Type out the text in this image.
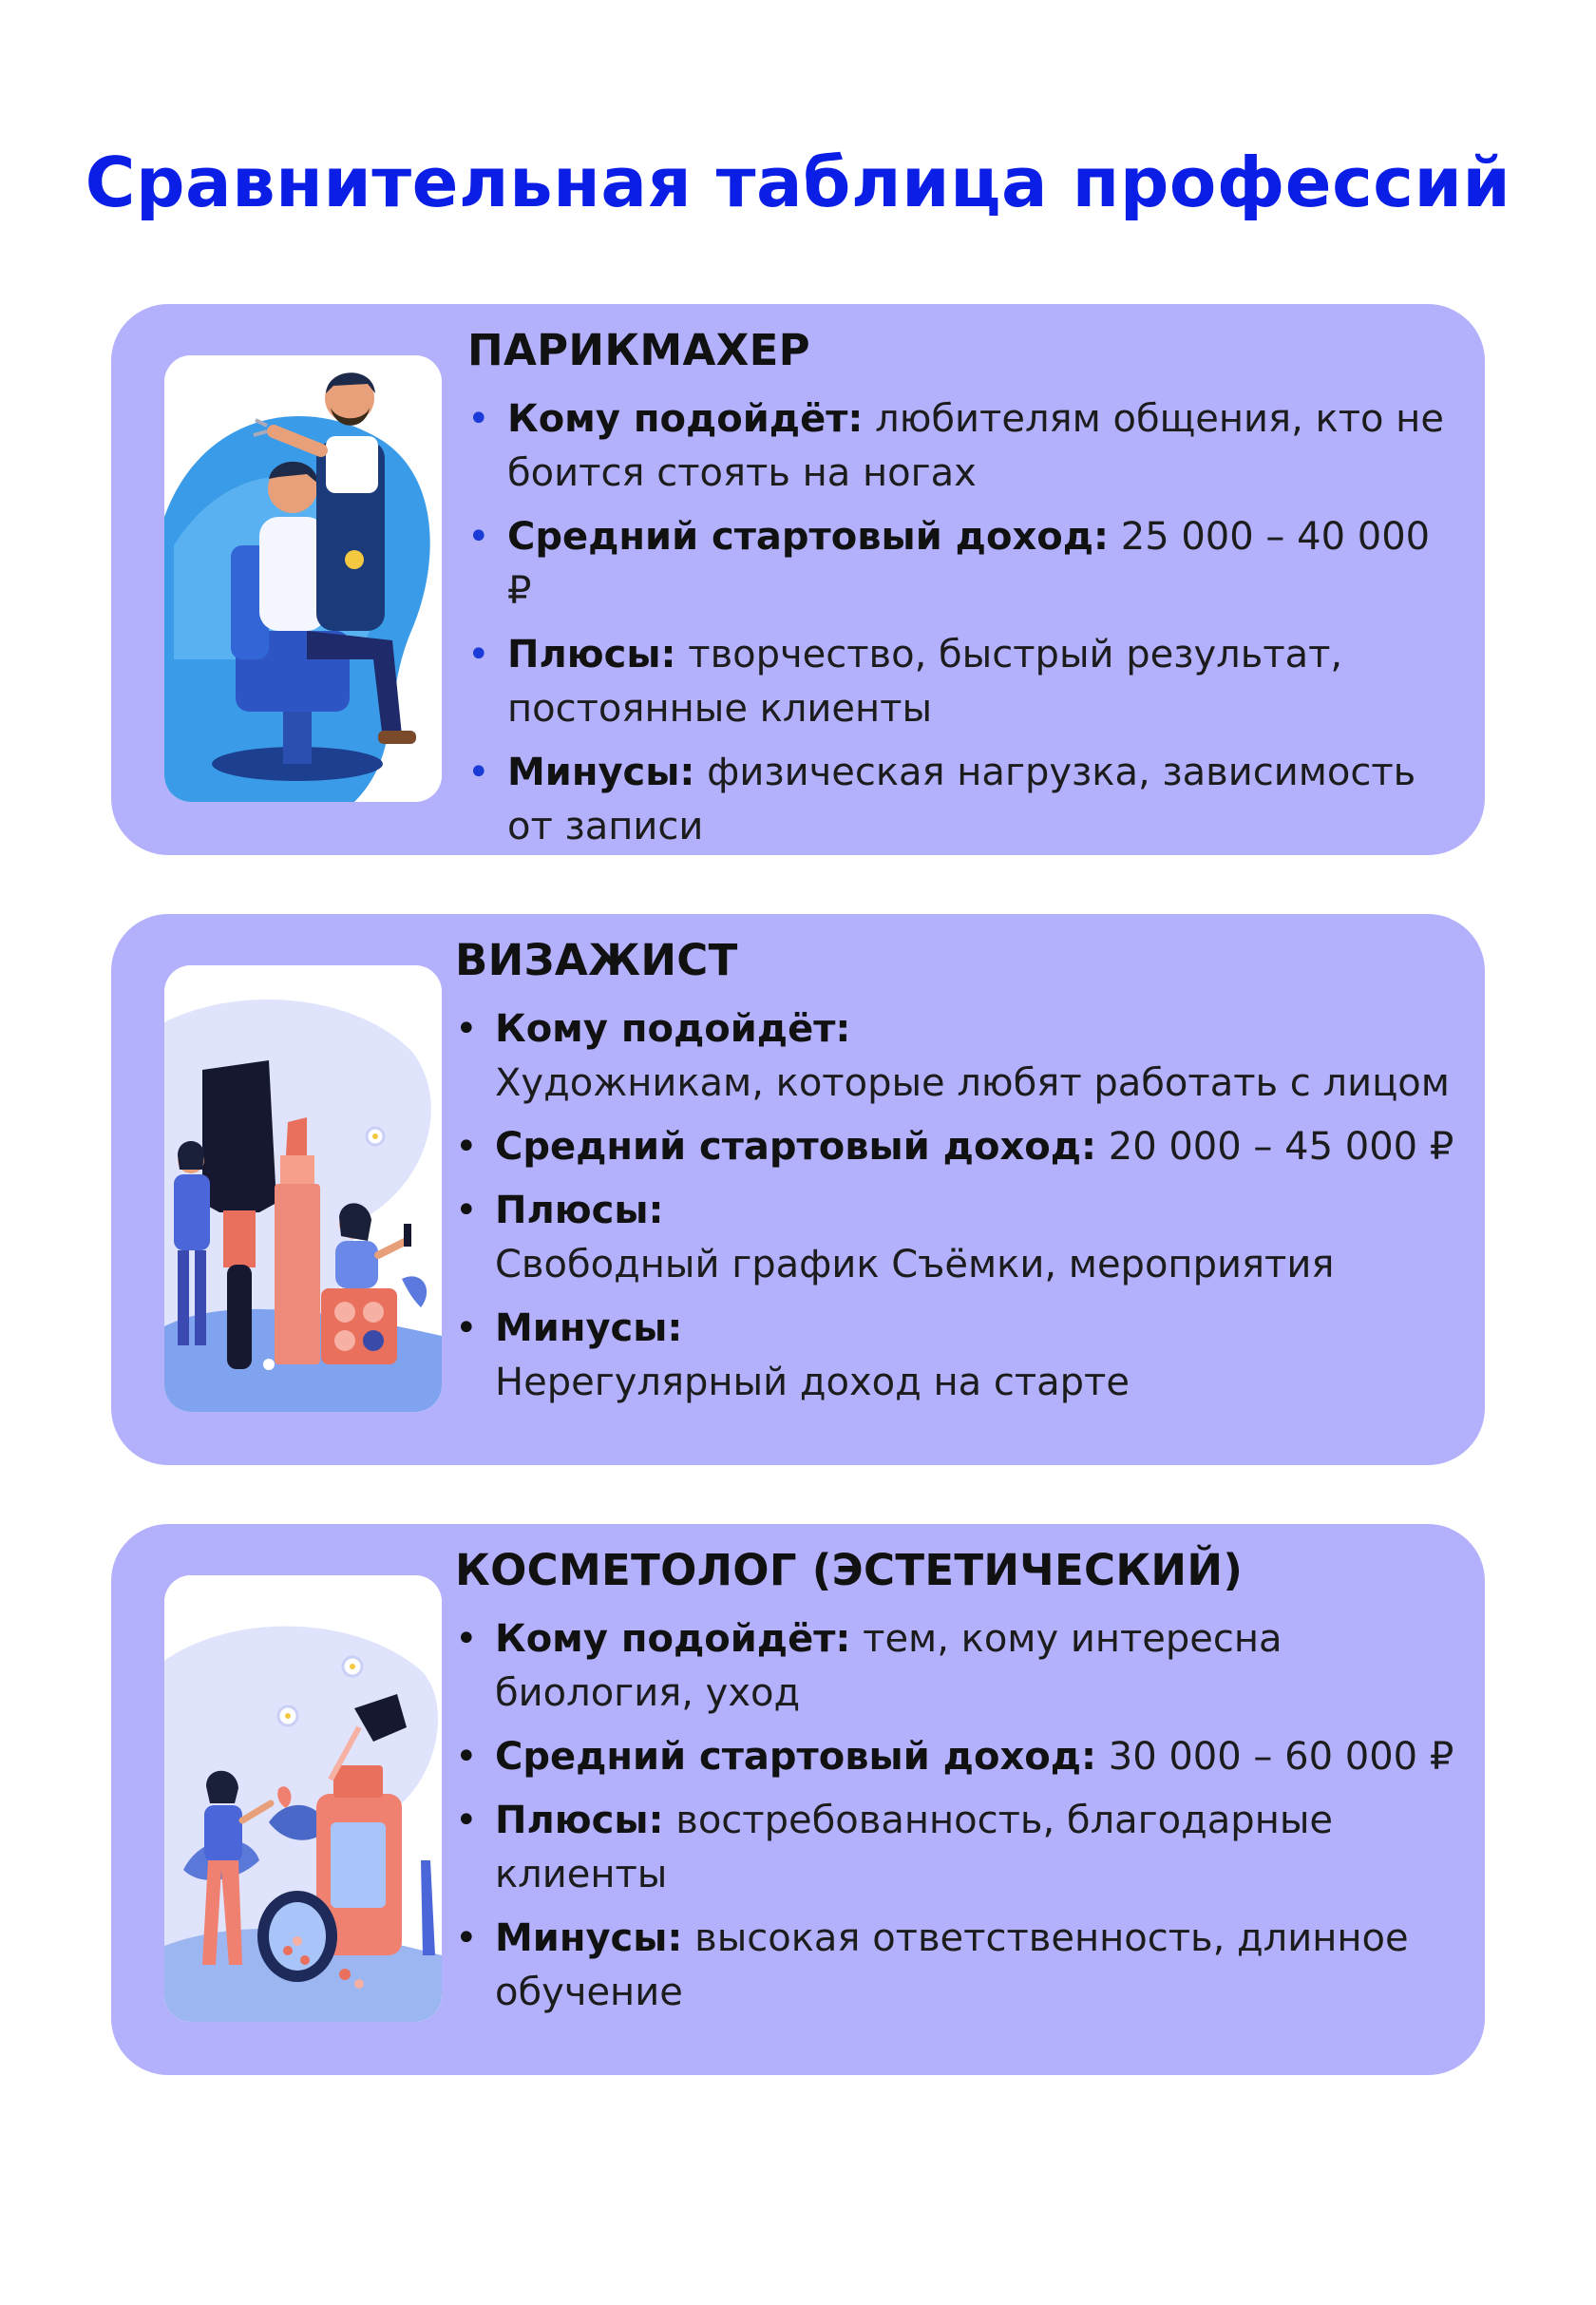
Сравнительная таблица профессий
ПАРИКМАХЕР
• Кому подойдёт: любителям общения, кто не боится стоять на ногах
• Средний стартовый доход: 25 000 – 40 000 ₽
• Плюсы: творчество, быстрый результат, постоянные клиенты
• Минусы: физическая нагрузка, зависимость от записи
ВИЗАЖИСТ
• Кому подойдёт:
Художникам, которые любят работать с лицом
• Средний стартовый доход: 20 000 – 45 000 ₽
• Плюсы:
Свободный график Съёмки, мероприятия
• Минусы:
Нерегулярный доход на старте
КОСМЕТОЛОГ (ЭСТЕТИЧЕСКИЙ)
• Кому подойдёт: тем, кому интересна биология, уход
• Средний стартовый доход: 30 000 – 60 000 ₽
• Плюсы: востребованность, благодарные клиенты
• Минусы: высокая ответственность, длинное обучение
